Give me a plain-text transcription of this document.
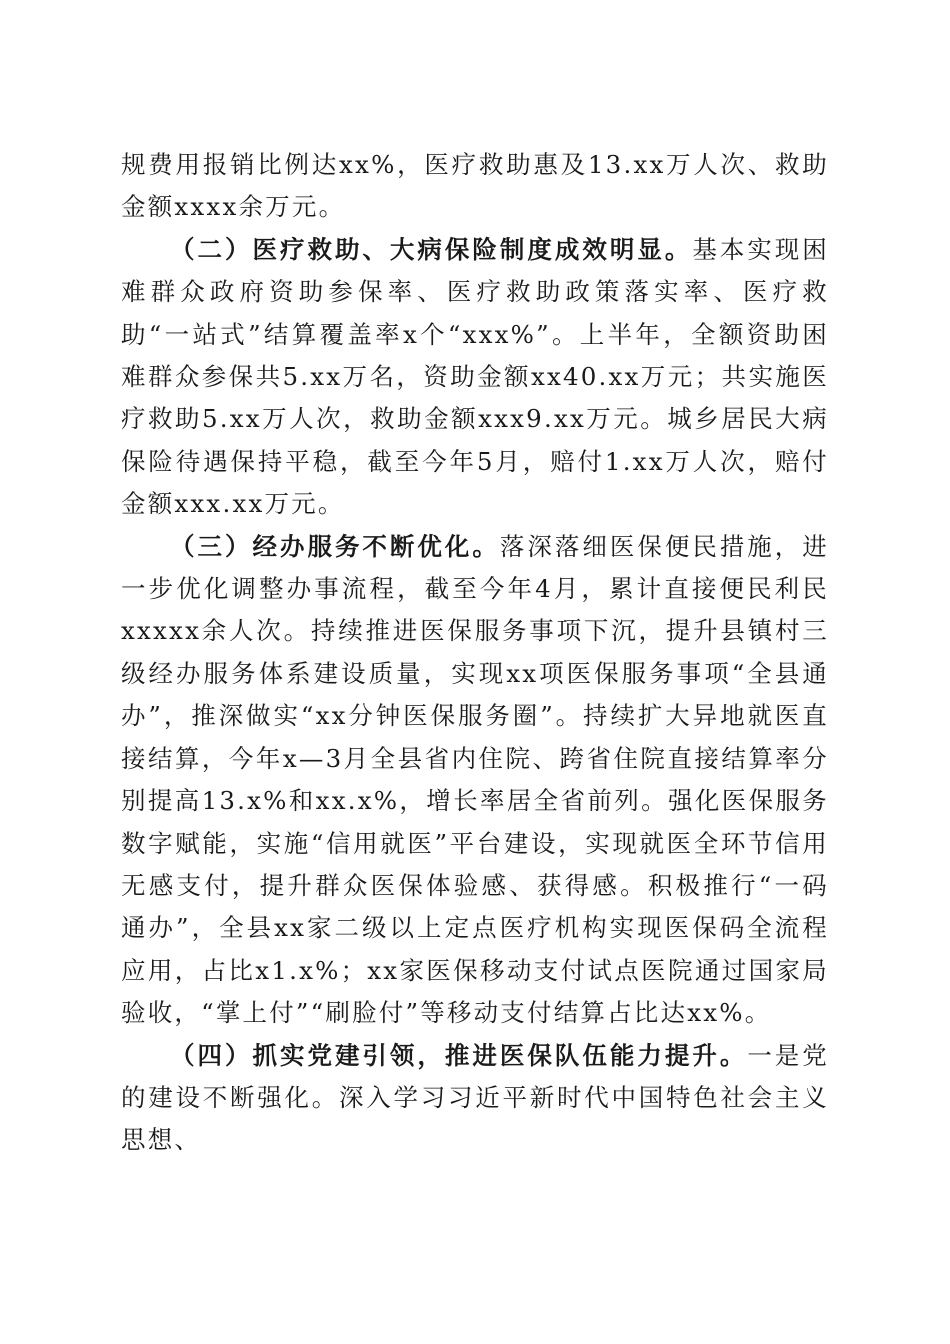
规费用报销比例达xx%，医疗救助惠及13.xx万人次、救助金额xxxx余万元。

（二）医疗救助、大病保险制度成效明显。基本实现困难群众政府资助参保率、医疗救助政策落实率、医疗救助“一站式”结算覆盖率x个“xxx%”。上半年，全额资助困难群众参保共5.xx万名，资助金额xx40.xx万元；共实施医疗救助5.xx万人次，救助金额xxx9.xx万元。城乡居民大病保险待遇保持平稳，截至今年5月，赔付1.xx万人次，赔付金额xxx.xx万元。

（三）经办服务不断优化。落深落细医保便民措施，进一步优化调整办事流程，截至今年4月，累计直接便民利民xxxxx余人次。持续推进医保服务事项下沉，提升县镇村三级经办服务体系建设质量，实现xx项医保服务事项“全县通办”，推深做实“xx分钟医保服务圈”。持续扩大异地就医直接结算，今年x—3月全县省内住院、跨省住院直接结算率分别提高13.x%和xx.x%，增长率居全省前列。强化医保服务数字赋能，实施“信用就医”平台建设，实现就医全环节信用无感支付，提升群众医保体验感、获得感。积极推行“一码通办”，全县xx家二级以上定点医疗机构实现医保码全流程应用，占比x1.x%；xx家医保移动支付试点医院通过国家局验收，“掌上付”“刷脸付”等移动支付结算占比达xx%。

（四）抓实党建引领，推进医保队伍能力提升。一是党的建设不断强化。深入学习习近平新时代中国特色社会主义思想、
